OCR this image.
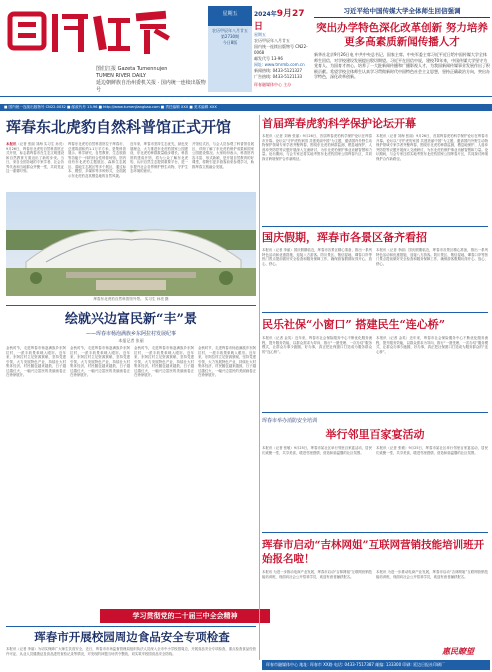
图们江报 Gazeta Tumennujen
TUMEN RIVER DAILY
延边朝鲜族自治州委机关报 · 国内统一连续出版物号
星期五
农历甲辰年八月廿五
第2730期
今日8版
2024年9月27日
星期五
农历甲辰年八月廿五
国内统一连续出版物号 CN22-0068
邮发代号 13-96
网址: www.tmrmb.com.cn
新闻热线: 0433-5121327
广告热线: 0433-5121133
珲春融媒体中心 主办
习近平给中国传媒大学全体师生回信强调
突出办学特色深化改革创新 努力培养更多高素质新闻传播人才
新华社北京9月26日电 中共中央总书记、国家主席、中央军委主席习近平近日给中国传媒大学全体师生回信，对学校建设发展提出殷切期望。习近平在回信中说，建校70年来，中国传媒大学坚守为党育人、为国育才初心，培养了一大批新闻传播和广播影视人才，为我国新闻传媒事业发展作出了积极贡献。希望学校全体师生认真学习贯彻新时代中国特色社会主义思想，坚持正确政治方向，突出办学特色，深化改革创新。
■ 国内统一连续出版物号 CN22-0032 ■ 邮政代号 13-96 ■ http://www.tumenjiangbao.com ■ 责任编辑 XXX ■ 美术编辑 XXX
珲春东北虎豹自然科普馆正式开馆
本报讯（记者 张丽 刘海 实习生 孙亮）9月26日，珲春东北虎豹自然科普馆正式开馆，标志着珲春市在生态文明建设和自然教育方面迈出了新的步伐。当日，来自全国各地的专家学者、社会各界代表和当地群众齐聚一堂，共同见证这一重要时刻。
珲春东北虎豹自然科普馆位于珲春市，总建筑面积约1.1万平方米，是集科普展示、科学研究、自然教育、生态旅游等功能于一体的综合性科普场馆。馆内设有东北虎豹主题展区、森林生态展区、湿地生态展区等多个展区，通过标本、模型、多媒体等多种形式，全面展示东北虎豹及其栖息地的自然风貌。
近年来，珲春市坚持生态优先、绿色发展理念，大力推进东北虎豹国家公园建设，东北虎豹种群数量稳步增长。科普馆的建成开馆，将为公众了解东北虎豹、认识自然生态提供重要平台，进一步提升社会各界保护野生动物、守护生态环境的意识。
开馆仪式后，与会人员参观了科普馆各展区，详细了解了东北虎豹保护成果和国家公园建设情况。大家纷纷表示，科普馆内容丰富、形式新颖，是开展自然教育的好课堂，将吸引更多游客前来参观学习，助推珲春文旅融合发展。
珲春东北虎豹自然科普馆外景。 实习生 孙亮 摄
绘就兴边富民新“丰”景
——珲春市杨泡满族乡东阿拉村发展纪事
本报记者 张丽
金秋时节，走进珲春市杨泡满族乡东阿拉村，一派丰收景象映入眼帘。近年来，东阿拉村立足资源禀赋，坚持党建引领，大力发展特色产业，持续壮大村集体经济，村民腰包越来越鼓，日子越过越红火，一幅兴边富民的美丽画卷正在徐徐展开。
金秋时节，走进珲春市杨泡满族乡东阿拉村，一派丰收景象映入眼帘。近年来，东阿拉村立足资源禀赋，坚持党建引领，大力发展特色产业，持续壮大村集体经济，村民腰包越来越鼓，日子越过越红火，一幅兴边富民的美丽画卷正在徐徐展开。
金秋时节，走进珲春市杨泡满族乡东阿拉村，一派丰收景象映入眼帘。近年来，东阿拉村立足资源禀赋，坚持党建引领，大力发展特色产业，持续壮大村集体经济，村民腰包越来越鼓，日子越过越红火，一幅兴边富民的美丽画卷正在徐徐展开。
金秋时节，走进珲春市杨泡满族乡东阿拉村，一派丰收景象映入眼帘。近年来，东阿拉村立足资源禀赋，坚持党建引领，大力发展特色产业，持续壮大村集体经济，村民腰包越来越鼓，日子越过越红火，一幅兴边富民的美丽画卷正在徐徐展开。
学习贯彻党的二十届三中全会精神
珲春市开展校园周边食品安全专项检查
本报讯（记者 李丽）为切实保障广大师生饮食安全，近日，珲春市市场监督管理局组织执法人员深入全市中小学校园周边，开展食品安全专项检查，重点检查食品经营许可证、从业人员健康证及食品进货查验记录等情况，对发现的问题当场责令整改，切实筑牢校园食品安全防线。
首届珲春虎豹科学保护论坛开幕
本报讯（记者 刘海 张丽）9月26日，首届珲春虎豹科学保护论坛在珲春市开幕。论坛以“守护虎豹家园 共建美丽中国”为主题，邀请国内外野生动物保护领域专家学者齐聚珲春，围绕东北虎豹种群监测、栖息地保护、人兽冲突防控等议题开展深入交流研讨，为东北虎豹保护事业贡献智慧和力量。论坛期间，与会专家还将实地考察东北虎豹国家公园珲春片区，共同探讨跨境保护合作新路径。
本报讯（记者 刘海 张丽）9月26日，首届珲春虎豹科学保护论坛在珲春市开幕。论坛以“守护虎豹家园 共建美丽中国”为主题，邀请国内外野生动物保护领域专家学者齐聚珲春，围绕东北虎豹种群监测、栖息地保护、人兽冲突防控等议题开展深入交流研讨，为东北虎豹保护事业贡献智慧和力量。论坛期间，与会专家还将实地考察东北虎豹国家公园珲春片区，共同探讨跨境保护合作新路径。
国庆假期，珲春市各景区备齐看招
本报讯（记者 李丽）国庆假期临近，珲春市各景区精心准备，推出一系列特色活动和优惠措施，迎接八方游客。防川景区、敬信湿地、琿春口岸等热门景点提前做好安全检查和服务保障工作，确保游客假期玩得开心、放心、舒心。
本报讯（记者 李丽）国庆假期临近，珲春市各景区精心准备，推出一系列特色活动和优惠措施，迎接八方游客。防川景区、敬信湿地、琿春口岸等热门景点提前做好安全检查和服务保障工作，确保游客假期玩得开心、放心、舒心。
民乐社保“小窗口” 搭建民生“连心桥”
本报讯（记者 金英）近年来，珲春市社会保险服务中心不断优化服务流程，提升服务效能，以群众需求为导向，推行“一窗受理、一次办结”服务模式，让群众办事少跑腿、好办事，真正把社保窗口打造成为服务群众的“连心桥”。
本报讯（记者 金英）近年来，珲春市社会保险服务中心不断优化服务流程，提升服务效能，以群众需求为导向，推行“一窗受理、一次办结”服务模式，让群众办事少跑腿、好办事，真正把社保窗口打造成为服务群众的“连心桥”。
珲春市举办消防安全培训
举行邻里百家宴活动
本报讯（记者 张敏）9月25日，珲春市某社区举行邻里百家宴活动，居民们欢聚一堂，共享美食，增进邻里感情，营造和谐温馨的社区氛围。
本报讯（记者 张敏）9月25日，珲春市某社区举行邻里百家宴活动，居民们欢聚一堂，共享美食，增进邻里感情，营造和谐温馨的社区氛围。
珲春市启动“吉林网姐”互联网营销技能培训班开始报名啦！
本报讯 为进一步推动电商产业发展，珲春市启动“吉林网姐”互联网营销技能培训班，现面向社会公开招募学员，欢迎有意者踊跃报名。
本报讯 为进一步推动电商产业发展，珲春市启动“吉林网姐”互联网营销技能培训班，现面向社会公开招募学员，欢迎有意者踊跃报名。
惠民瞭望
珲春市融媒体中心 地址: 珲春市 XX路 电话: 0433-7517387 邮编: 133300 印刷: 延边日报社印刷厂
